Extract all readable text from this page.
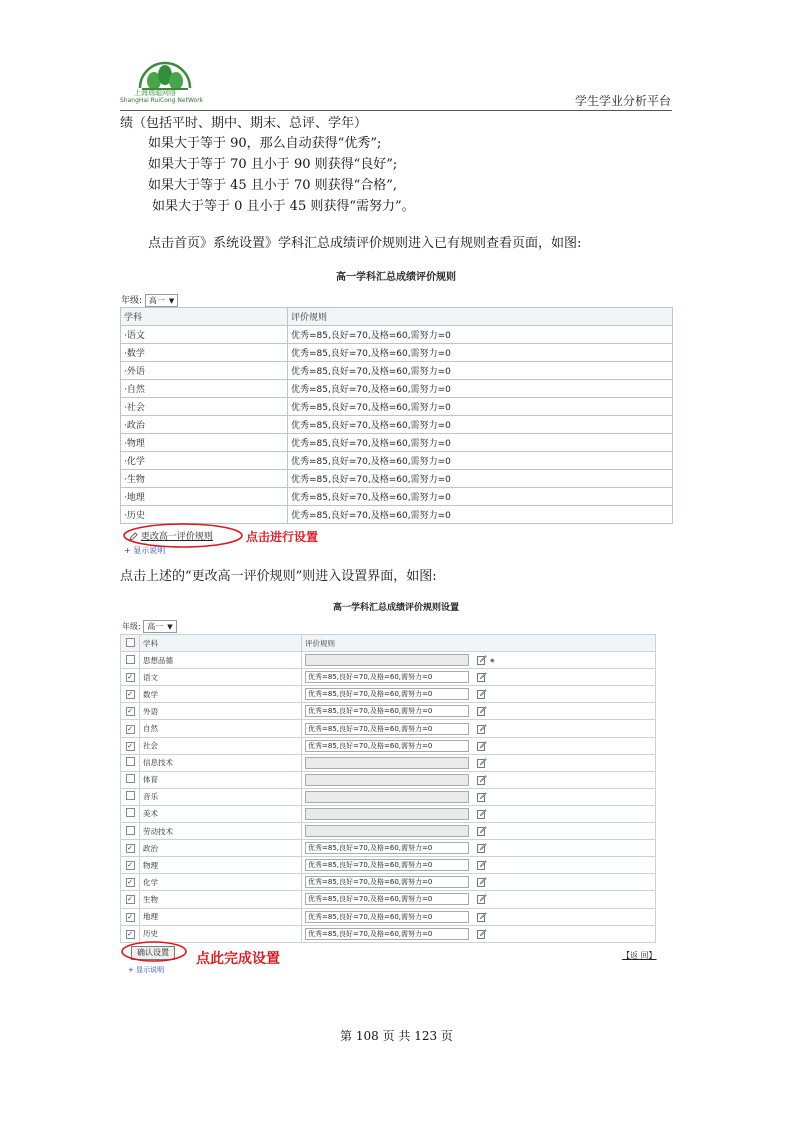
上海瑞聪网络
ShangHai RuiCong NetWork	学生学业分析平台
绩（包括平时、期中、期末、总评、学年）
如果大于等于 90，那么自动获得“优秀”;
如果大于等于 70 且小于 90 则获得“良好”;
如果大于等于 45 且小于 70 则获得“合格”,
如果大于等于 0 且小于 45 则获得“需努力”。
点击首页》系统设置》学科汇总成绩评价规则进入已有规则查看页面，如图:
高一学科汇总成绩评价规则
年级: 高一 ▼
学科	评价规则
·语文	优秀=85,良好=70,及格=60,需努力=0
·数学	优秀=85,良好=70,及格=60,需努力=0
·外语	优秀=85,良好=70,及格=60,需努力=0
·自然	优秀=85,良好=70,及格=60,需努力=0
·社会	优秀=85,良好=70,及格=60,需努力=0
·政治	优秀=85,良好=70,及格=60,需努力=0
·物理	优秀=85,良好=70,及格=60,需努力=0
·化学	优秀=85,良好=70,及格=60,需努力=0
·生物	优秀=85,良好=70,及格=60,需努力=0
·地理	优秀=85,良好=70,及格=60,需努力=0
·历史	优秀=85,良好=70,及格=60,需努力=0
更改高一评价规则	点击进行设置
+ 显示说明
点击上述的“更改高一评价规则”则进入设置界面，如图:
高一学科汇总成绩评价规则设置
年级: 高一 ▼
	学科	评价规则
	思想品德	◆
✓	语文	优秀=85,良好=70,及格=60,需努力=0
✓	数学	优秀=85,良好=70,及格=60,需努力=0
✓	外语	优秀=85,良好=70,及格=60,需努力=0
✓	自然	优秀=85,良好=70,及格=60,需努力=0
✓	社会	优秀=85,良好=70,及格=60,需努力=0
	信息技术	
	体育	
	音乐	
	美术	
	劳动技术	
✓	政治	优秀=85,良好=70,及格=60,需努力=0
✓	物理	优秀=85,良好=70,及格=60,需努力=0
✓	化学	优秀=85,良好=70,及格=60,需努力=0
✓	生物	优秀=85,良好=70,及格=60,需努力=0
✓	地理	优秀=85,良好=70,及格=60,需努力=0
✓	历史	优秀=85,良好=70,及格=60,需努力=0
确认设置	点此完成设置	【返 回】
+ 显示说明
第 108 页 共 123 页
